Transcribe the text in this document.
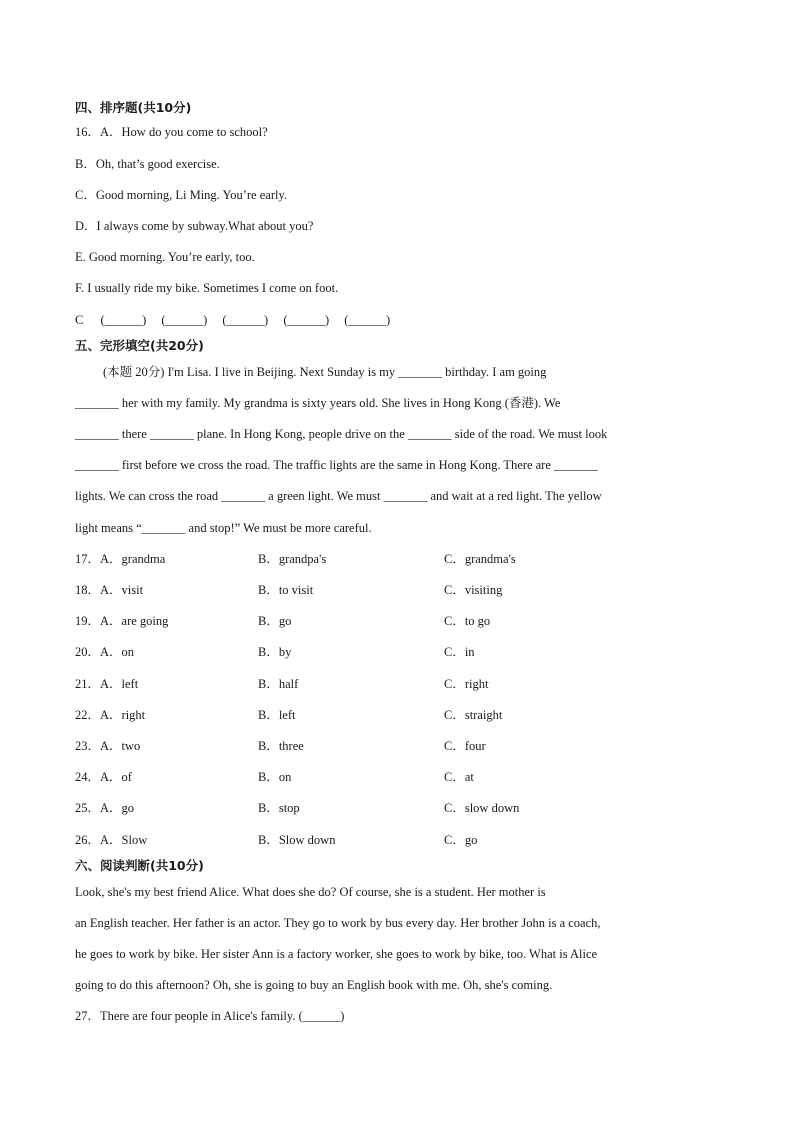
四、排序题(共10分)
16．A．How do you come to school?
B．Oh, that’s good exercise.
C．Good morning, Li Ming. You’re early.
D．I always come by subway.What about you?
E. Good morning. You’re early, too.
F. I usually ride my bike. Sometimes I come on foot.
C (______) (______) (______) (______) (______)
五、完形填空(共20分)
(本题 20分) I'm Lisa. I live in Beijing. Next Sunday is my _______ birthday. I am going
_______ her with my family. My grandma is sixty years old. She lives in Hong Kong (香港). We
_______ there _______ plane. In Hong Kong, people drive on the _______ side of the road. We must look
_______ first before we cross the road. The traffic lights are the same in Hong Kong. There are _______
lights. We can cross the road _______ a green light. We must _______ and wait at a red light. The yellow
light means “_______ and stop!” We must be more careful.
17．A．grandma	B．grandpa's	C．grandma's
18．A．visit	B．to visit	C．visiting
19．A．are going	B．go	C．to go
20．A．on	B．by	C．in
21．A．left	B．half	C．right
22．A．right	B．left	C．straight
23．A．two	B．three	C．four
24．A．of	B．on	C．at
25．A．go	B．stop	C．slow down
26．A．Slow	B．Slow down	C．go
六、阅读判断(共10分)
Look, she's my best friend Alice. What does she do? Of course, she is a student. Her mother is
an English teacher. Her father is an actor. They go to work by bus every day. Her brother John is a coach,
he goes to work by bike. Her sister Ann is a factory worker, she goes to work by bike, too. What is Alice
going to do this afternoon? Oh, she is going to buy an English book with me. Oh, she's coming.
27．There are four people in Alice's family. (______)
